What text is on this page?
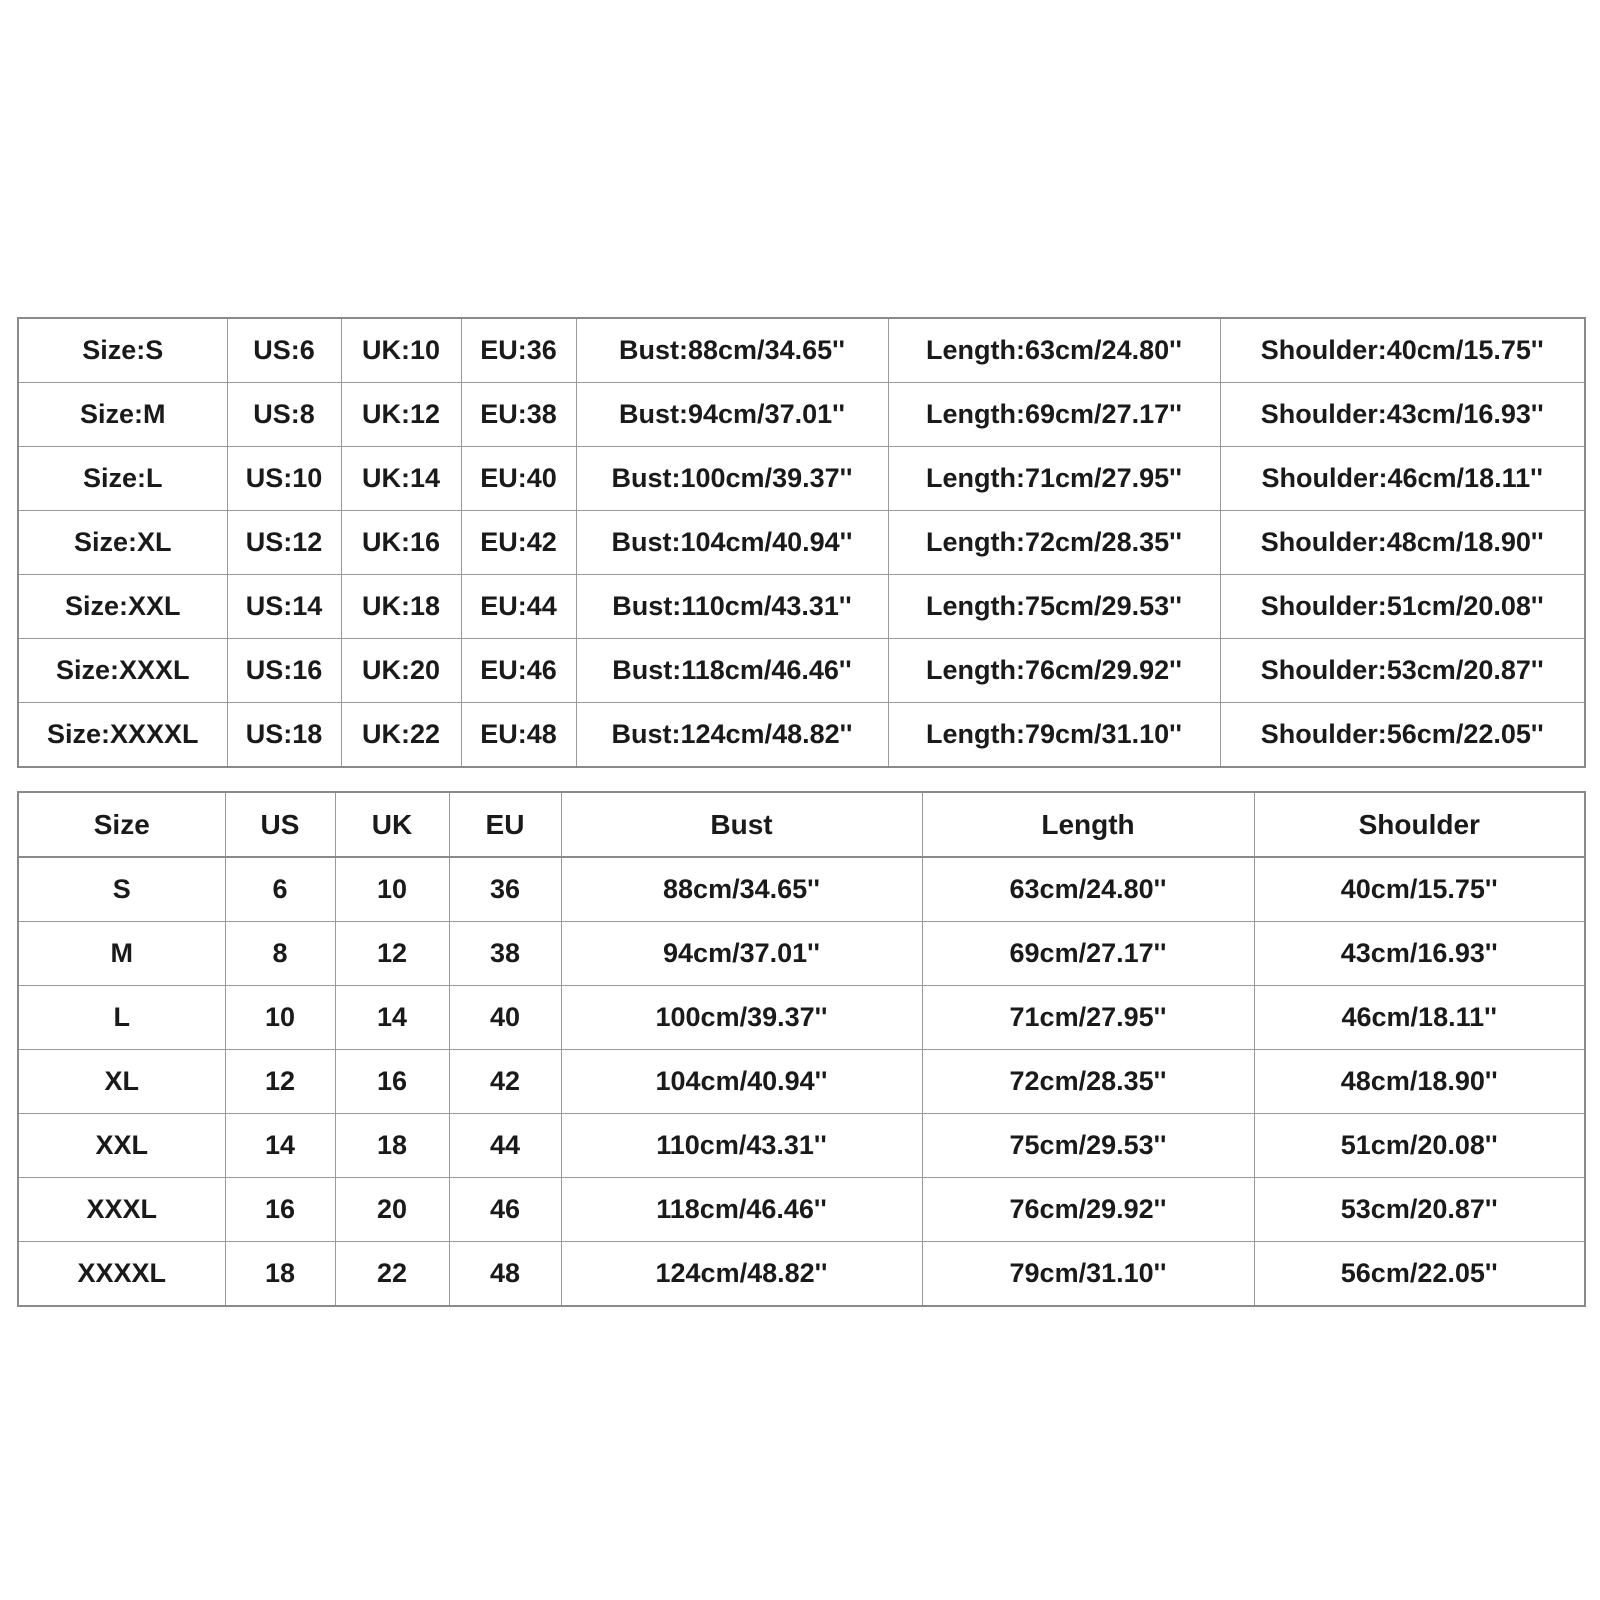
Size:S	US:6	UK:10	EU:36	Bust:88cm/34.65''	Length:63cm/24.80''	Shoulder:40cm/15.75''
Size:M	US:8	UK:12	EU:38	Bust:94cm/37.01''	Length:69cm/27.17''	Shoulder:43cm/16.93''
Size:L	US:10	UK:14	EU:40	Bust:100cm/39.37''	Length:71cm/27.95''	Shoulder:46cm/18.11''
Size:XL	US:12	UK:16	EU:42	Bust:104cm/40.94''	Length:72cm/28.35''	Shoulder:48cm/18.90''
Size:XXL	US:14	UK:18	EU:44	Bust:110cm/43.31''	Length:75cm/29.53''	Shoulder:51cm/20.08''
Size:XXXL	US:16	UK:20	EU:46	Bust:118cm/46.46''	Length:76cm/29.92''	Shoulder:53cm/20.87''
Size:XXXXL	US:18	UK:22	EU:48	Bust:124cm/48.82''	Length:79cm/31.10''	Shoulder:56cm/22.05''
Size	US	UK	EU	Bust	Length	Shoulder
S	6	10	36	88cm/34.65''	63cm/24.80''	40cm/15.75''
M	8	12	38	94cm/37.01''	69cm/27.17''	43cm/16.93''
L	10	14	40	100cm/39.37''	71cm/27.95''	46cm/18.11''
XL	12	16	42	104cm/40.94''	72cm/28.35''	48cm/18.90''
XXL	14	18	44	110cm/43.31''	75cm/29.53''	51cm/20.08''
XXXL	16	20	46	118cm/46.46''	76cm/29.92''	53cm/20.87''
XXXXL	18	22	48	124cm/48.82''	79cm/31.10''	56cm/22.05''
